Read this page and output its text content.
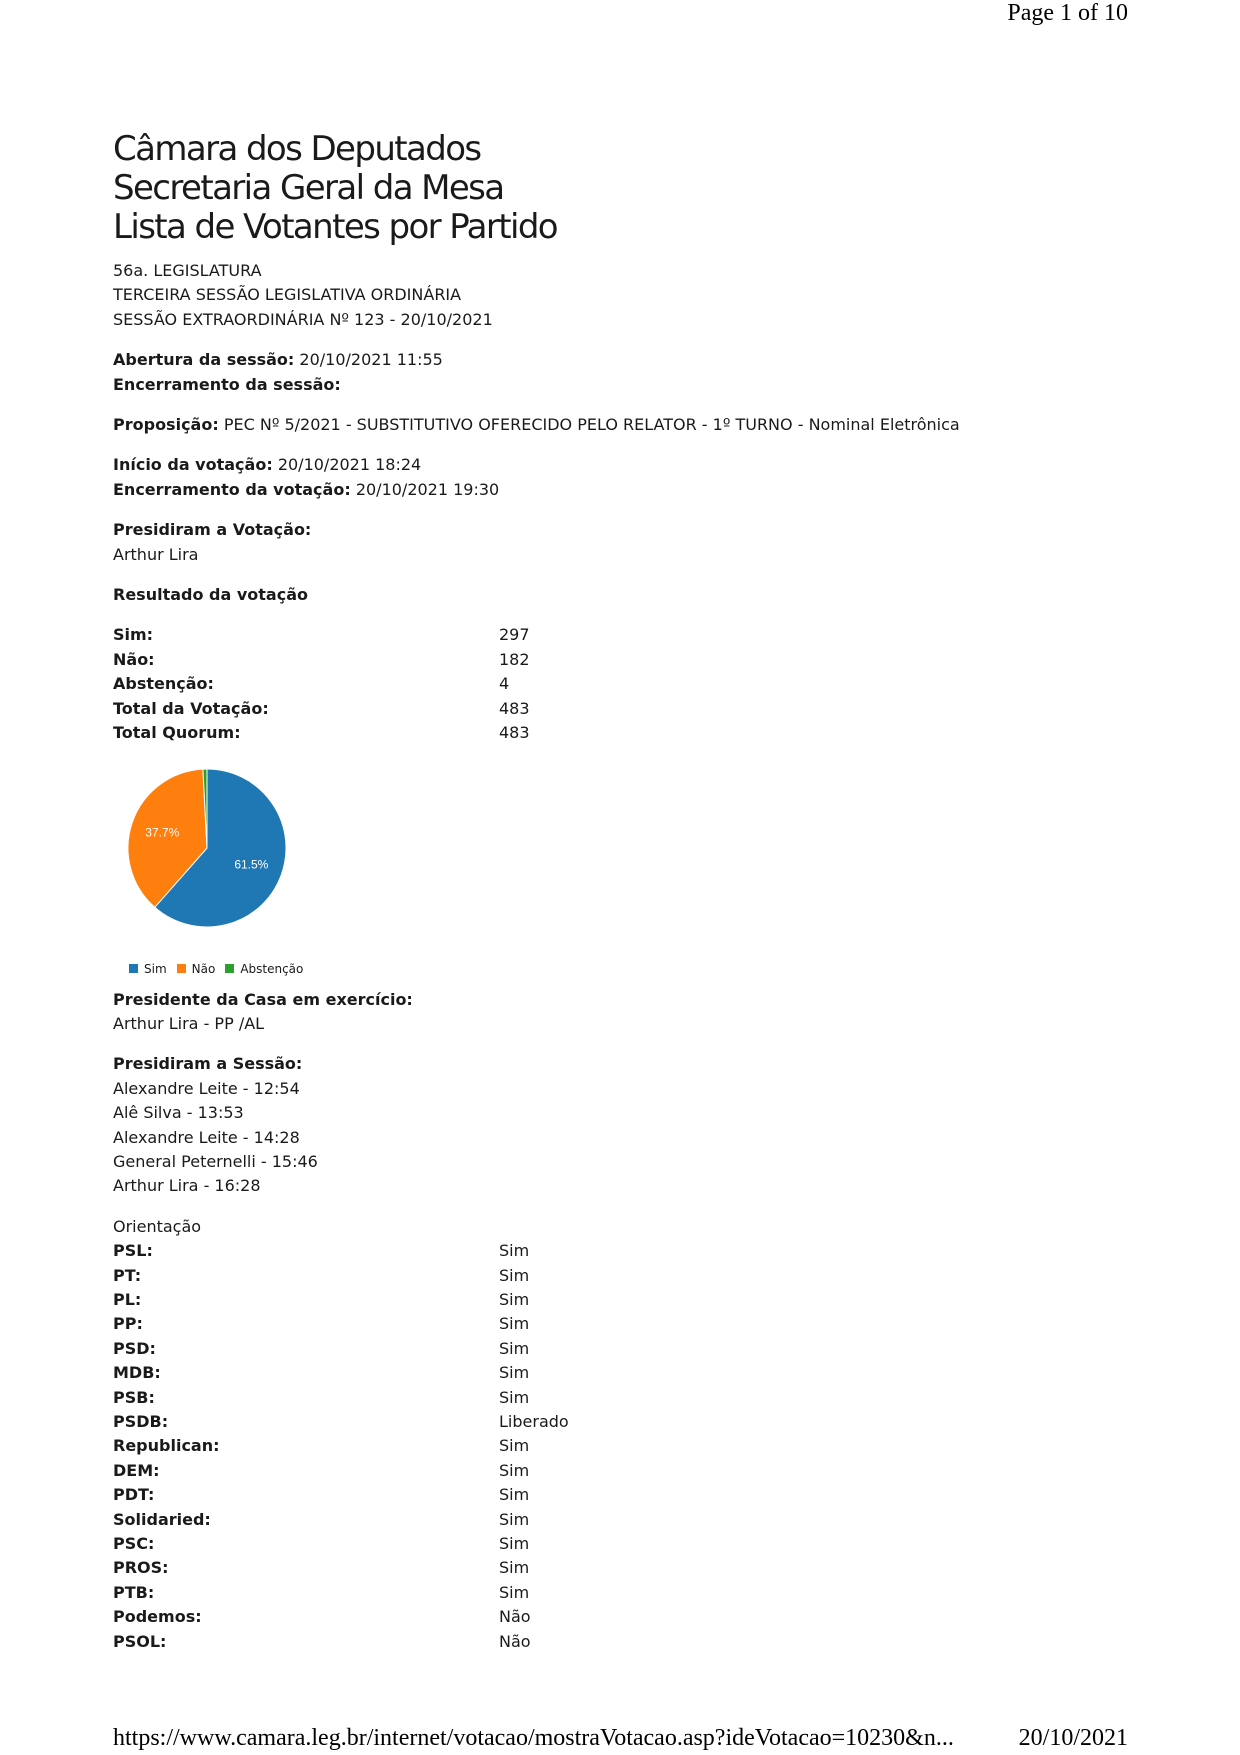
Page 1 of 10
Câmara dos Deputados
Secretaria Geral da Mesa
Lista de Votantes por Partido
56a. LEGISLATURA
TERCEIRA SESSÃO LEGISLATIVA ORDINÁRIA
SESSÃO EXTRAORDINÁRIA Nº 123 - 20/10/2021
Abertura da sessão: 20/10/2021 11:55
Encerramento da sessão:
Proposição: PEC Nº 5/2021 - SUBSTITUTIVO OFERECIDO PELO RELATOR - 1º TURNO - Nominal Eletrônica
Início da votação: 20/10/2021 18:24
Encerramento da votação: 20/10/2021 19:30
Presidiram a Votação:
Arthur Lira
Resultado da votação
Sim:	297
Não:	182
Abstenção:	4
Total da Votação:	483
Total Quorum:	483
61.5%
37.7%
Sim Não Abstenção
Presidente da Casa em exercício:
Arthur Lira - PP /AL
Presidiram a Sessão:
Alexandre Leite - 12:54
Alê Silva - 13:53
Alexandre Leite - 14:28
General Peternelli - 15:46
Arthur Lira - 16:28
Orientação
PSL:	Sim
PT:	Sim
PL:	Sim
PP:	Sim
PSD:	Sim
MDB:	Sim
PSB:	Sim
PSDB:	Liberado
Republican:	Sim
DEM:	Sim
PDT:	Sim
Solidaried:	Sim
PSC:	Sim
PROS:	Sim
PTB:	Sim
Podemos:	Não
PSOL:	Não
https://www.camara.leg.br/internet/votacao/mostraVotacao.asp?ideVotacao=10230&n...	20/10/2021
